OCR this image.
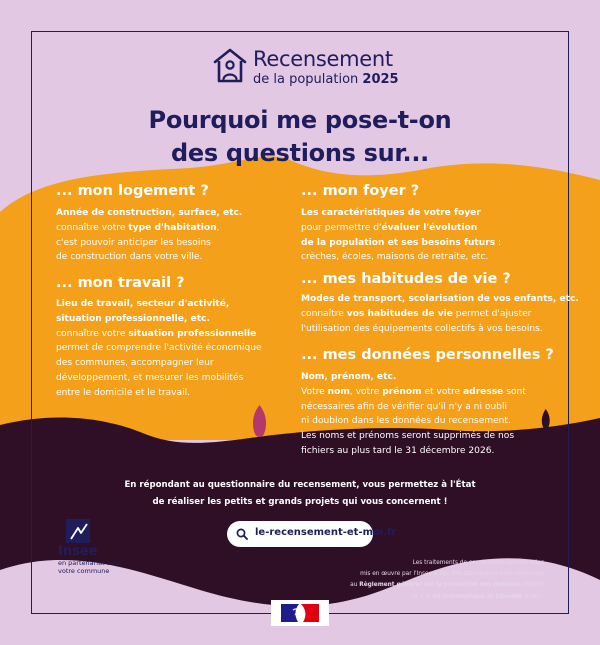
Recensement
de la population 2025
Pourquoi me pose-t-on
des questions sur...
... mon logement ?
Année de construction, surface, etc.
connaître votre type d'habitation,
c'est pouvoir anticiper les besoins
de construction dans votre ville.
... mon travail ?
Lieu de travail, secteur d'activité,
situation professionnelle, etc.
connaître votre situation professionnelle
permet de comprendre l'activité économique
des communes, accompagner leur
développement, et mesurer les mobilités
entre le domicile et le travail.
... mon foyer ?
Les caractéristiques de votre foyer
pour permettre d'évaluer l'évolution
de la population et ses besoins futurs :
crèches, écoles, maisons de retraite, etc.
... mes habitudes de vie ?
Modes de transport, scolarisation de vos enfants, etc.
connaître vos habitudes de vie permet d'ajuster
l'utilisation des équipements collectifs à vos besoins.
... mes données personnelles ?
Nom, prénom, etc.
Votre nom, votre prénom et votre adresse sont
nécessaires afin de vérifier qu'il n'y a ni oubli
ni doublon dans les données du recensement.
Les noms et prénoms seront supprimés de nos
fichiers au plus tard le 31 décembre 2026.
En répondant au questionnaire du recensement, vous permettez à l'État
de réaliser les petits et grands projets qui vous concernent !
le-recensement-et-moi.fr
Insee
en partenariat avec votre commune
Les traitements de ces données personnelles
mis en œuvre par l'Insee à des fins statistiques sont conformes
au Règlement général sur la protection des données (RGPD)
et à la loi Informatique et Libertés (CNIL).
